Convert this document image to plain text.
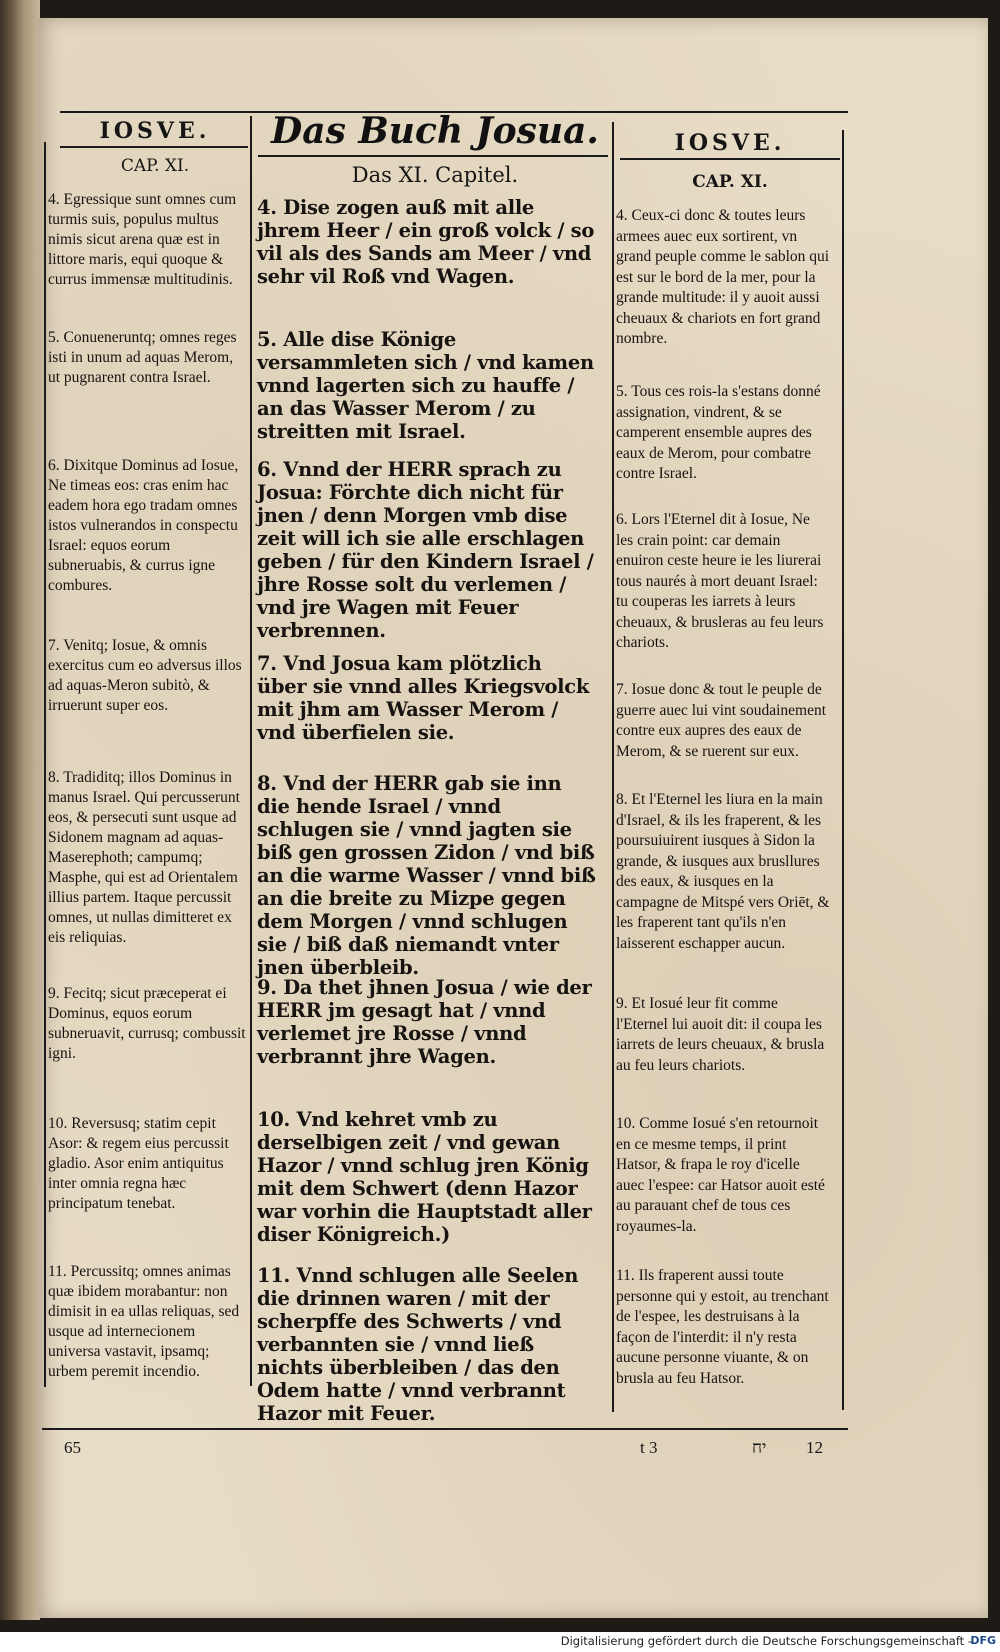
IOSVE.	Das Buch Josua.	IOSVE.
CAP. XI.	Das XI. Capitel.	CAP. XI.
4. Egressique sunt omnes cum turmis suis, populus multus nimis sicut arena quæ est in littore maris, equi quoque & currus immensæ multitudinis.
4. Dise zogen auß mit alle jhrem Heer / ein groß volck / so vil als des Sands am Meer / vnd sehr vil Roß vnd Wagen.
4. Ceux-ci donc & toutes leurs armees auec eux sortirent, vn grand peuple comme le sablon qui est sur le bord de la mer, pour la grande multitude: il y auoit aussi cheuaux & chariots en fort grand nombre.
5. Conueneruntq; omnes reges isti in unum ad aquas Merom, ut pugnarent contra Israel.
5. Alle dise Könige versammleten sich / vnd kamen vnnd lagerten sich zu hauffe / an das Wasser Merom / zu streitten mit Israel.
5. Tous ces rois-la s'estans donné assignation, vindrent, & se camperent ensemble aupres des eaux de Merom, pour combatre contre Israel.
6. Dixitque Dominus ad Iosue, Ne timeas eos: cras enim hac eadem hora ego tradam omnes istos vulnerandos in conspectu Israel: equos eorum subneruabis, & currus igne combures.
6. Vnnd der HERR sprach zu Josua: Förchte dich nicht für jnen / denn Morgen vmb dise zeit will ich sie alle erschlagen geben / für den Kindern Israel / jhre Rosse solt du verlemen / vnd jre Wagen mit Feuer verbrennen.
6. Lors l'Eternel dit à Iosue, Ne les crain point: car demain enuiron ceste heure ie les liurerai tous naurés à mort deuant Israel: tu couperas les iarrets à leurs cheuaux, & brusleras au feu leurs chariots.
7. Venitq; Iosue, & omnis exercitus cum eo adversus illos ad aquas-Meron subitò, & irruerunt super eos.
7. Vnd Josua kam plötzlich über sie vnnd alles Kriegsvolck mit jhm am Wasser Merom / vnd überfielen sie.
7. Iosue donc & tout le peuple de guerre auec lui vint soudainement contre eux aupres des eaux de Merom, & se ruerent sur eux.
8. Tradiditq; illos Dominus in manus Israel. Qui percusserunt eos, & persecuti sunt usque ad Sidonem magnam ad aquas-Maserephoth; campumq; Masphe, qui est ad Orientalem illius partem. Itaque percussit omnes, ut nullas dimitteret ex eis reliquias.
8. Vnd der HERR gab sie inn die hende Israel / vnnd schlugen sie / vnnd jagten sie biß gen grossen Zidon / vnd biß an die warme Wasser / vnnd biß an die breite zu Mizpe gegen dem Morgen / vnnd schlugen sie / biß daß niemandt vnter jnen überbleib.
8. Et l'Eternel les liura en la main d'Israel, & ils les fraperent, & les poursuiuirent iusques à Sidon la grande, & iusques aux brusllures des eaux, & iusques en la campagne de Mitspé vers Oriēt, & les fraperent tant qu'ils n'en laisserent eschapper aucun.
9. Fecitq; sicut præceperat ei Dominus, equos eorum subneruavit, currusq; combussit igni.
9. Da thet jhnen Josua / wie der HERR jm gesagt hat / vnnd verlemet jre Rosse / vnnd verbrannt jhre Wagen.
9. Et Iosué leur fit comme l'Eternel lui auoit dit: il coupa les iarrets de leurs cheuaux, & brusla au feu leurs chariots.
10. Reversusq; statim cepit Asor: & regem eius percussit gladio. Asor enim antiquitus inter omnia regna hæc principatum tenebat.
10. Vnd kehret vmb zu derselbigen zeit / vnd gewan Hazor / vnnd schlug jren König mit dem Schwert (denn Hazor war vorhin die Hauptstadt aller diser Königreich.)
10. Comme Iosué s'en retournoit en ce mesme temps, il print Hatsor, & frapa le roy d'icelle auec l'espee: car Hatsor auoit esté au parauant chef de tous ces royaumes-la.
11. Percussitq; omnes animas quæ ibidem morabantur: non dimisit in ea ullas reliquas, sed usque ad internecionem universa vastavit, ipsamq; urbem peremit incendio.
11. Vnnd schlugen alle Seelen die drinnen waren / mit der scherpffe des Schwerts / vnd verbannten sie / vnnd ließ nichts überbleiben / das den Odem hatte / vnnd verbrannt Hazor mit Feuer.
11. Ils fraperent aussi toute personne qui y estoit, au trenchant de l'espee, les destruisans à la façon de l'interdit: il n'y resta aucune personne viuante, & on brusla au feu Hatsor.
65	t 3	יח 12
Digitalisierung gefördert durch die Deutsche Forschungsgemeinschaft -
DFG
